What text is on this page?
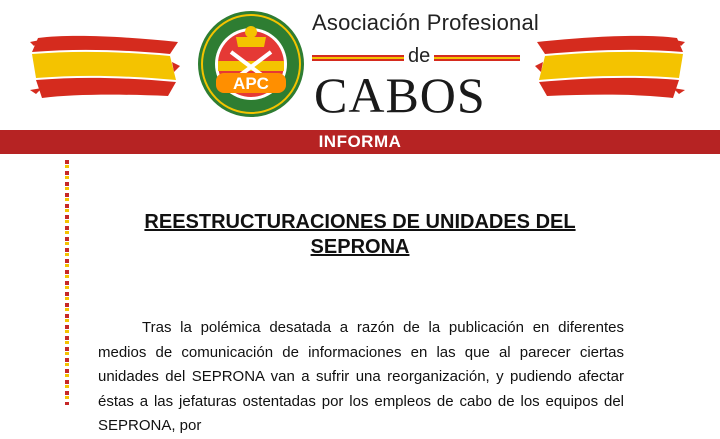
APC
Asociación Profesional
de
CABOS
INFORMA
REESTRUCTURACIONES DE UNIDADES DEL SEPRONA
Tras la polémica desatada a razón de la publicación en diferentes medios de comunicación de informaciones en las que al parecer ciertas unidades del SEPRONA van a sufrir una reorganización, y pudiendo afectar éstas a las jefaturas ostentadas por los empleos de cabo de los equipos del SEPRONA, por
